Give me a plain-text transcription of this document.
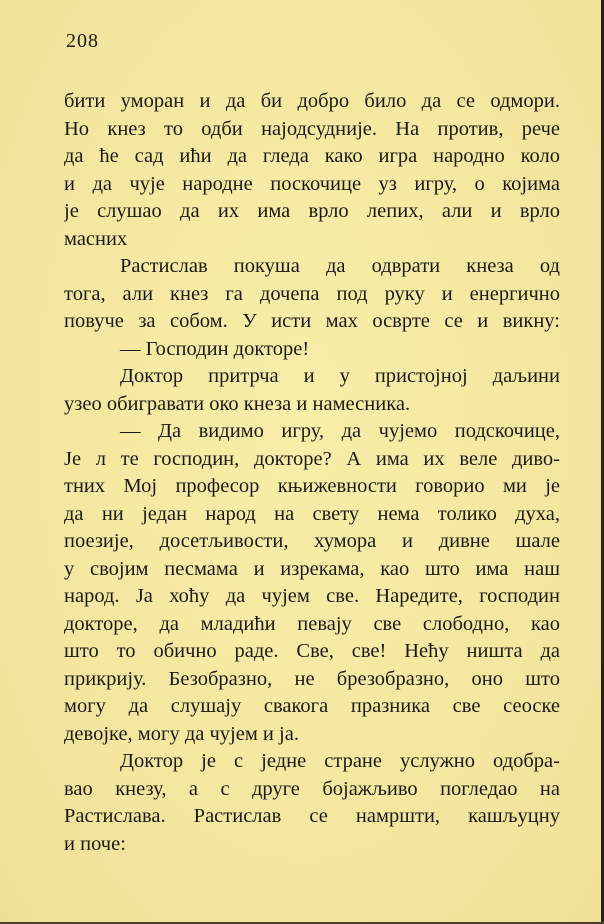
208
бити уморан и да би добро било да се одмори.
Но кнез то одби најодсудније. На против, рече
да ће сад ићи да гледа како игра народно коло
и да чује народне поскочице уз игру, о којима
је слушао да их има врло лепих, али и врло
масних
Растислав покуша да одврати кнеза од
тога, али кнез га дочепа под руку и енергично
повуче за собом. У исти мах осврте се и викну:
— Господин докторе!
Доктор притрча и у пристојној даљини
узео обигравати око кнеза и намесника.
— Да видимо игру, да чујемо подскочице,
Је л те господин, докторе? А има их веле диво-
тних Мој професор књижевности говорио ми је
да ни један народ на свету нема толико духа,
поезије, досетљивости, хумора и дивне шале
у својим песмама и изрекама, као што има наш
народ. Ја хоћу да чујем све. Наредите, господин
докторе, да младићи певају све слободно, као
што то обично раде. Све, све! Нећу ништа да
прикрију. Безобразно, не брезобразно, оно што
могу да слушају свакога празника све сеоске
девојке, могу да чујем и ја.
Доктор је с једне стране услужно одобра-
вао кнезу, а с друге бојажљиво погледао на
Растислава. Растислав се намршти, кашљуцну
и поче:
